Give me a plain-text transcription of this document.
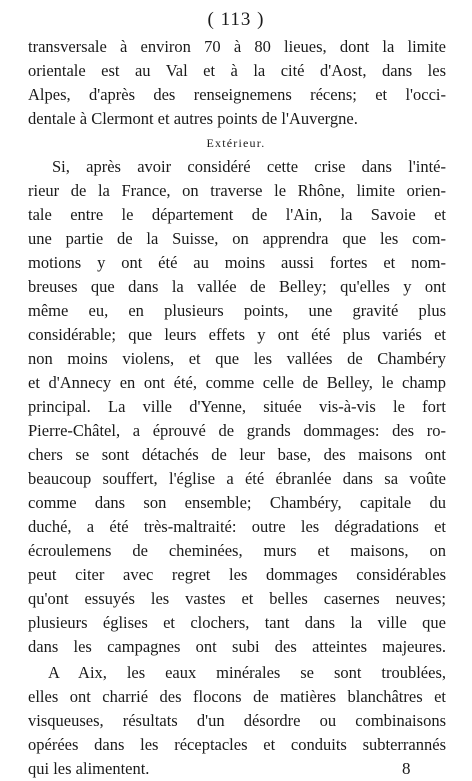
( 113 )
transversale à environ 70 à 80 lieues, dont la limite
orientale est au Val et à la cité d'Aost, dans les
Alpes, d'après des renseignemens récens; et l'occi-
dentale à Clermont et autres points de l'Auvergne.
Extérieur.
Si, après avoir considéré cette crise dans l'inté-
rieur de la France, on traverse le Rhône, limite orien-
tale entre le département de l'Ain, la Savoie et
une partie de la Suisse, on apprendra que les com-
motions y ont été au moins aussi fortes et nom-
breuses que dans la vallée de Belley; qu'elles y ont
même eu, en plusieurs points, une gravité plus
considérable; que leurs effets y ont été plus variés et
non moins violens, et que les vallées de Chambéry
et d'Annecy en ont été, comme celle de Belley, le champ
principal. La ville d'Yenne, située vis-à-vis le fort
Pierre-Châtel, a éprouvé de grands dommages: des ro-
chers se sont détachés de leur base, des maisons ont
beaucoup souffert, l'église a été ébranlée dans sa voûte
comme dans son ensemble; Chambéry, capitale du
duché, a été très-maltraité: outre les dégradations et
écroulemens de cheminées, murs et maisons, on
peut citer avec regret les dommages considérables
qu'ont essuyés les vastes et belles casernes neuves;
plusieurs églises et clochers, tant dans la ville que
dans les campagnes ont subi des atteintes majeures.
A Aix, les eaux minérales se sont troublées,
elles ont charrié des flocons de matières blanchâtres et
visqueuses, résultats d'un désordre ou combinaisons
opérées dans les réceptacles et conduits subterrannés
qui les alimentent.	8
